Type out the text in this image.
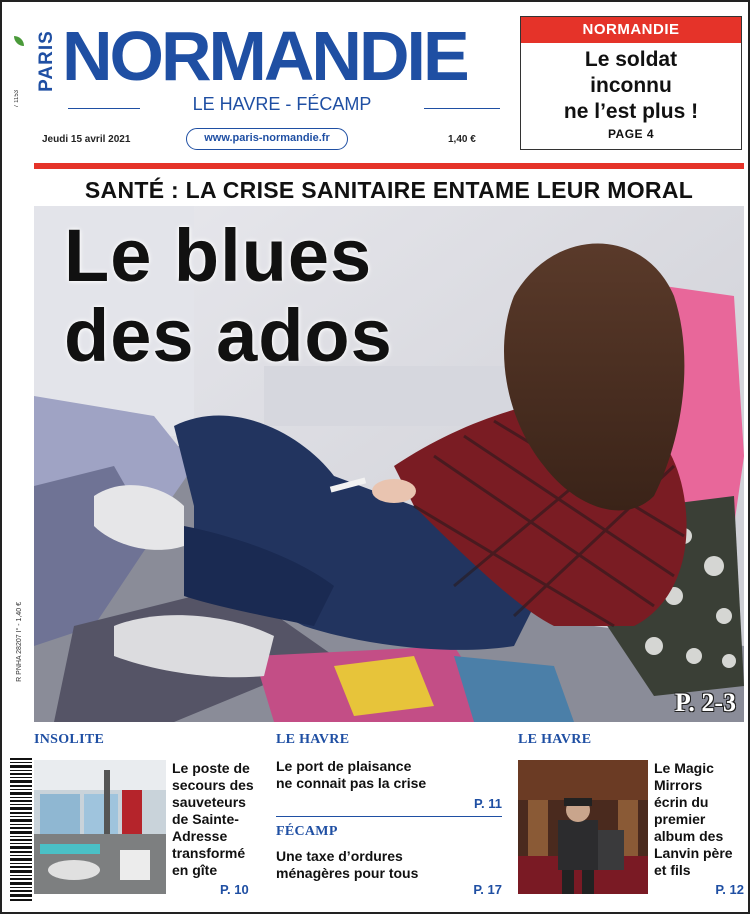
7 1153
PARIS NORMANDIE
LE HAVRE - FÉCAMP
Jeudi 15 avril 2021	www.paris-normandie.fr	1,40 €
NORMANDIE
Le soldat
inconnu
ne l’est plus !
PAGE 4
SANTÉ : LA CRISE SANITAIRE ENTAME LEUR MORAL
Le blues
des ados
P. 2-3
R PNHA 28207 I° - 1,40 €
INSOLITE
Le poste de
secours des
sauveteurs
de Sainte-
Adresse
transformé
en gîte
P. 10
LE HAVRE
Le port de plaisance
ne connait pas la crise
P. 11
FÉCAMP
Une taxe d’ordures
ménagères pour tous
P. 17
LE HAVRE
Le Magic
Mirrors
écrin du
premier
album des
Lanvin père
et fils
P. 12
